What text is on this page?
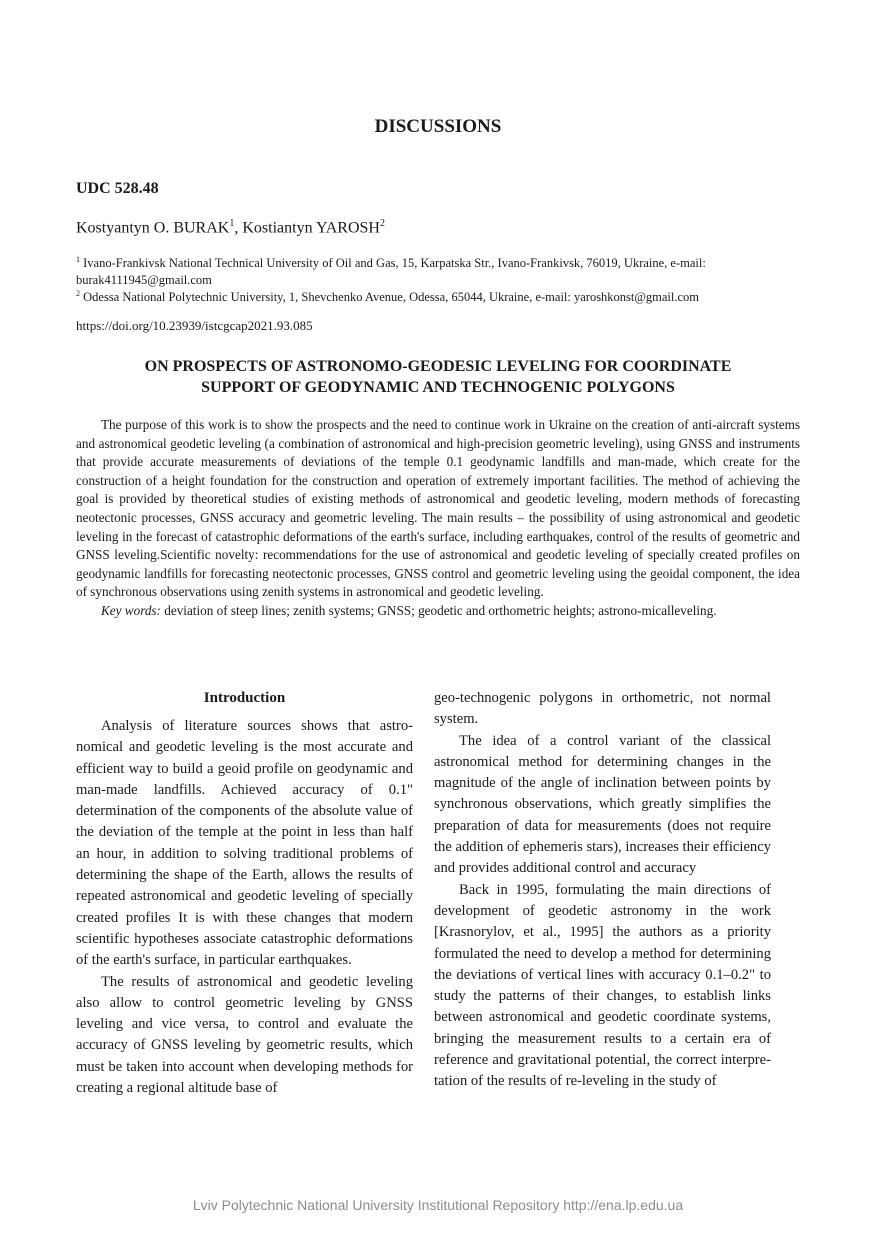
DISCUSSIONS
UDC 528.48
Kostyantyn O. BURAK$^1$, Kostiantyn YAROSH$^2$
$^1$ Ivano-Frankivsk National Technical University of Oil and Gas, 15, Karpatska Str., Ivano-Frankivsk, 76019, Ukraine, e-mail: burak4111945@gmail.com
$^2$ Odessa National Polytechnic University, 1, Shevchenko Avenue, Odessa, 65044, Ukraine, e-mail: yaroshkonst@gmail.com
https://doi.org/10.23939/istcgcap2021.93.085
ON PROSPECTS OF ASTRONOMO-GEODESIC LEVELING FOR COORDINATE
SUPPORT OF GEODYNAMIC AND TECHNOGENIC POLYGONS

The purpose of this work is to show the prospects and the need to continue work in Ukraine on the creation of anti-aircraft systems and astronomical geodetic leveling (a combination of astronomical and high-precision geometric leveling), using GNSS and instruments that provide accurate measurements of deviations of the temple 0.1 geodynamic landfills and man-made, which create for the construction of a height foundation for the construction and operation of extremely important facilities. The method of achieving the goal is provided by theoretical studies of existing methods of astronomical and geodetic leveling, modern methods of forecasting neotectonic processes, GNSS accuracy and geometric leveling. The main results – the possibility of using astronomical and geodetic leveling in the forecast of catastrophic deformations of the earth's surface, including earthquakes, control of the results of geometric and GNSS leveling.Scientific novelty: recommendations for the use of astronomical and geodetic leveling of specially created profiles on geodynamic landfills for forecasting neotectonic processes, GNSS control and geometric leveling using the geoidal component, the idea of synchronous observations using zenith systems in astronomical and geodetic leveling.

Key words: deviation of steep lines; zenith systems; GNSS; geodetic and orthometric heights; astrono-micalleveling.

Introduction

Analysis of literature sources shows that astro-nomical and geodetic leveling is the most accurate and efficient way to build a geoid profile on geodynamic and man-made landfills. Achieved accuracy of 0.1" determination of the components of the absolute value of the deviation of the temple at the point in less than half an hour, in addition to solving traditional problems of determining the shape of the Earth, allows the results of repeated astronomical and geodetic leveling of specially created profiles It is with these changes that modern scientific hypotheses associate catastrophic deformations of the earth's surface, in particular earthquakes.

The results of astronomical and geodetic leveling also allow to control geometric leveling by GNSS leveling and vice versa, to control and evaluate the accuracy of GNSS leveling by geometric results, which must be taken into account when developing methods for creating a regional altitude base of

geo-technogenic polygons in orthometric, not normal system.

The idea of a control variant of the classical astronomical method for determining changes in the magnitude of the angle of inclination between points by synchronous observations, which greatly simplifies the preparation of data for measurements (does not require the addition of ephemeris stars), increases their efficiency and provides additional control and accuracy

Back in 1995, formulating the main directions of development of geodetic astronomy in the work [Krasnorylov, et al., 1995] the authors as a priority formulated the need to develop a method for determining the deviations of vertical lines with accuracy 0.1–0.2" to study the patterns of their changes, to establish links between astronomical and geodetic coordinate systems, bringing the measurement results to a certain era of reference and gravitational potential, the correct interpre-tation of the results of re-leveling in the study of

Lviv Polytechnic National University Institutional Repository http://ena.lp.edu.ua
